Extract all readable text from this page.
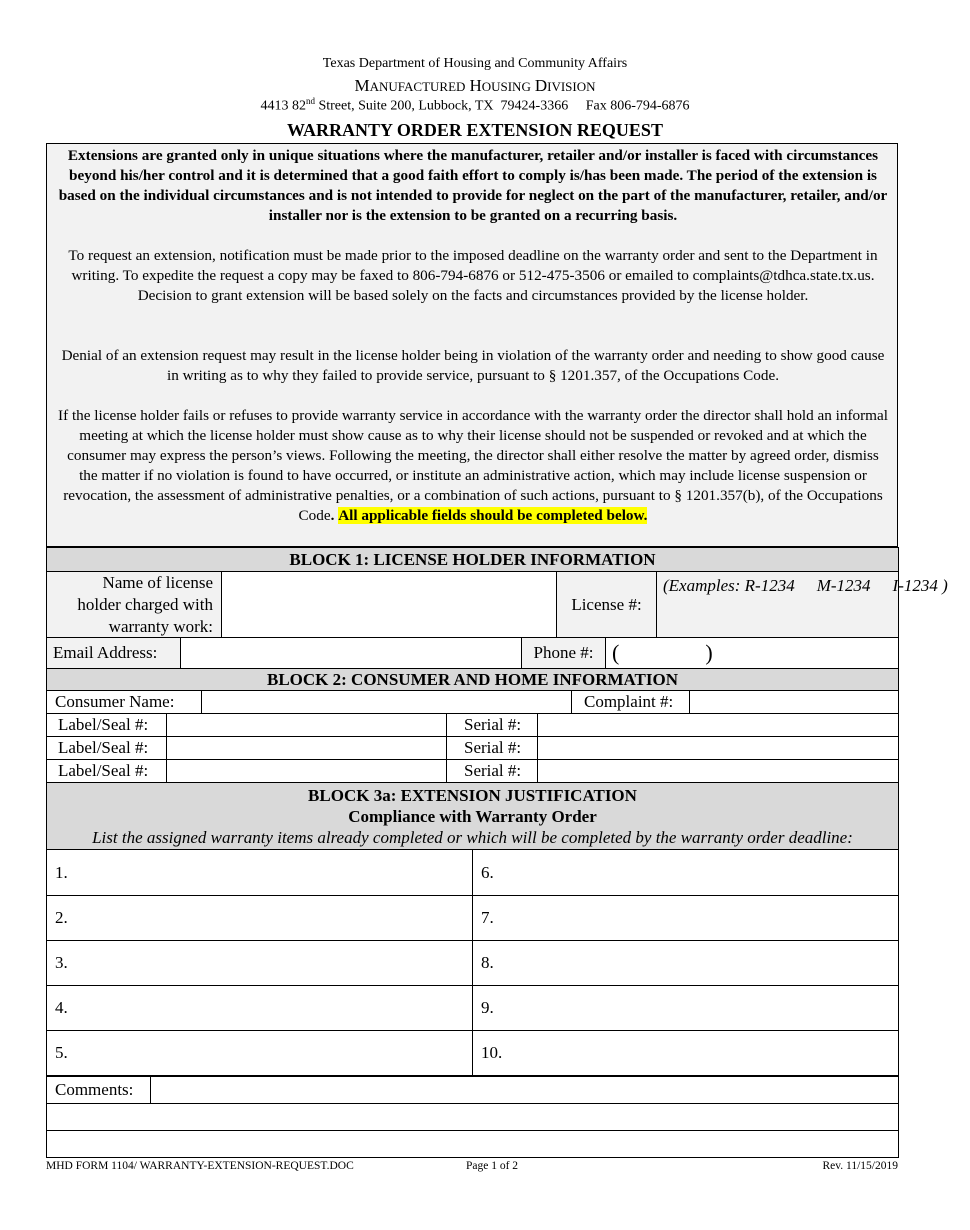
Texas Department of Housing and Community Affairs
MANUFACTURED HOUSING DIVISION
4413 82nd Street, Suite 200, Lubbock, TX  79424-3366     Fax 806-794-6876
WARRANTY ORDER EXTENSION REQUEST

Extensions are granted only in unique situations where the manufacturer, retailer and/or installer is faced with circumstances beyond his/her control and it is determined that a good faith effort to comply is/has been made. The period of the extension is based on the individual circumstances and is not intended to provide for neglect on the part of the manufacturer, retailer, and/or installer nor is the extension to be granted on a recurring basis.

To request an extension, notification must be made prior to the imposed deadline on the warranty order and sent to the Department in writing. To expedite the request a copy may be faxed to 806-794-6876 or 512-475-3506 or emailed to complaints@tdhca.state.tx.us. Decision to grant extension will be based solely on the facts and circumstances provided by the license holder.

Denial of an extension request may result in the license holder being in violation of the warranty order and needing to show good cause in writing as to why they failed to provide service, pursuant to § 1201.357, of the Occupations Code.

If the license holder fails or refuses to provide warranty service in accordance with the warranty order the director shall hold an informal meeting at which the license holder must show cause as to why their license should not be suspended or revoked and at which the consumer may express the person’s views. Following the meeting, the director shall either resolve the matter by agreed order, dismiss the matter if no violation is found to have occurred, or institute an administrative action, which may include license suspension or revocation, the assessment of administrative penalties, or a combination of such actions, pursuant to § 1201.357(b), of the Occupations Code. All applicable fields should be completed below.

BLOCK 1: LICENSE HOLDER INFORMATION

Name of license
holder charged with
warranty work:
		License #:	(Examples: R-1234 M-1234 I-1234 )
Email Address:		Phone #:	(	)
BLOCK 2: CONSUMER AND HOME INFORMATION
Consumer Name:		Complaint #:	
Label/Seal #:		Serial #:	
Label/Seal #:		Serial #:	
Label/Seal #:		Serial #:	
BLOCK 3a: EXTENSION JUSTIFICATION
Compliance with Warranty Order
List the assigned warranty items already completed or which will be completed by the warranty order deadline:	

1.	6.
2.	7.
3.	8.
4.	9.
5.	10.
Comments:	

MHD FORM 1104/ WARRANTY-EXTENSION-REQUEST.DOC	Page 1 of 2	Rev. 11/15/2019
